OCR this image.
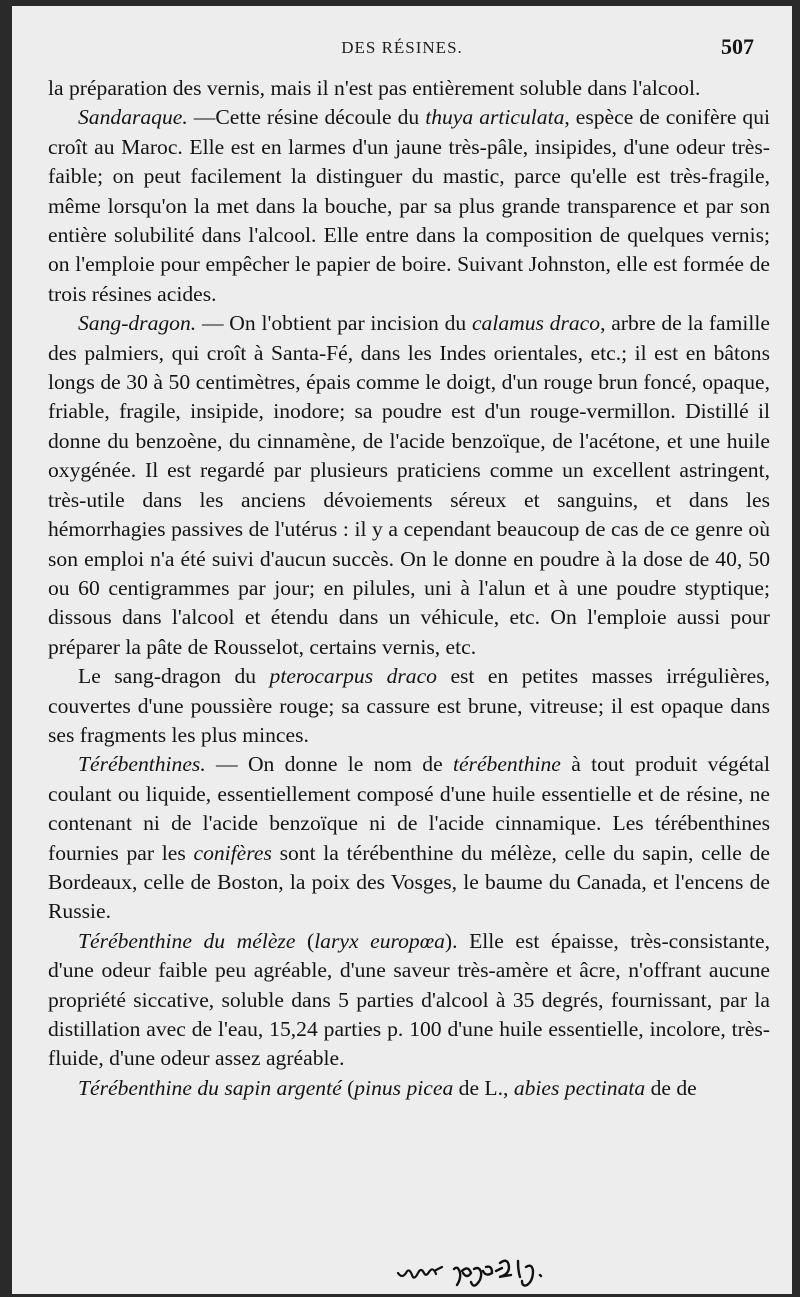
DES RÉSINES.	507

la préparation des vernis, mais il n'est pas entièrement soluble dans l'alcool.

Sandaraque. —Cette résine découle du thuya articulata, espèce de conifère qui croît au Maroc. Elle est en larmes d'un jaune très-pâle, insipides, d'une odeur très-faible; on peut facilement la distinguer du mastic, parce qu'elle est très-fragile, même lorsqu'on la met dans la bouche, par sa plus grande transparence et par son entière solubilité dans l'alcool. Elle entre dans la composition de quelques vernis; on l'emploie pour empêcher le papier de boire. Suivant Johnston, elle est formée de trois résines acides.

Sang-dragon. — On l'obtient par incision du calamus draco, arbre de la famille des palmiers, qui croît à Santa-Fé, dans les Indes orientales, etc.; il est en bâtons longs de 30 à 50 centimètres, épais comme le doigt, d'un rouge brun foncé, opaque, friable, fragile, insipide, inodore; sa poudre est d'un rouge-vermillon. Distillé il donne du benzoène, du cinnamène, de l'acide benzoïque, de l'acétone, et une huile oxygénée. Il est regardé par plusieurs praticiens comme un excellent astringent, très-utile dans les anciens dévoiements séreux et sanguins, et dans les hémorrhagies passives de l'utérus : il y a cependant beaucoup de cas de ce genre où son emploi n'a été suivi d'aucun succès. On le donne en poudre à la dose de 40, 50 ou 60 centigrammes par jour; en pilules, uni à l'alun et à une poudre styptique; dissous dans l'alcool et étendu dans un véhicule, etc. On l'emploie aussi pour préparer la pâte de Rousselot, certains vernis, etc.

Le sang-dragon du pterocarpus draco est en petites masses irrégulières, couvertes d'une poussière rouge; sa cassure est brune, vitreuse; il est opaque dans ses fragments les plus minces.

Térébenthines. — On donne le nom de térébenthine à tout produit végétal coulant ou liquide, essentiellement composé d'une huile essentielle et de résine, ne contenant ni de l'acide benzoïque ni de l'acide cinnamique. Les térébenthines fournies par les conifères sont la térébenthine du mélèze, celle du sapin, celle de Bordeaux, celle de Boston, la poix des Vosges, le baume du Canada, et l'encens de Russie.

Térébenthine du mélèze (laryx europœa). Elle est épaisse, très-consistante, d'une odeur faible peu agréable, d'une saveur très-amère et âcre, n'offrant aucune propriété siccative, soluble dans 5 parties d'alcool à 35 degrés, fournissant, par la distillation avec de l'eau, 15,24 parties p. 100 d'une huile essentielle, incolore, très-fluide, d'une odeur assez agréable.

Térébenthine du sapin argenté (pinus picea de L., abies pectinata de de
